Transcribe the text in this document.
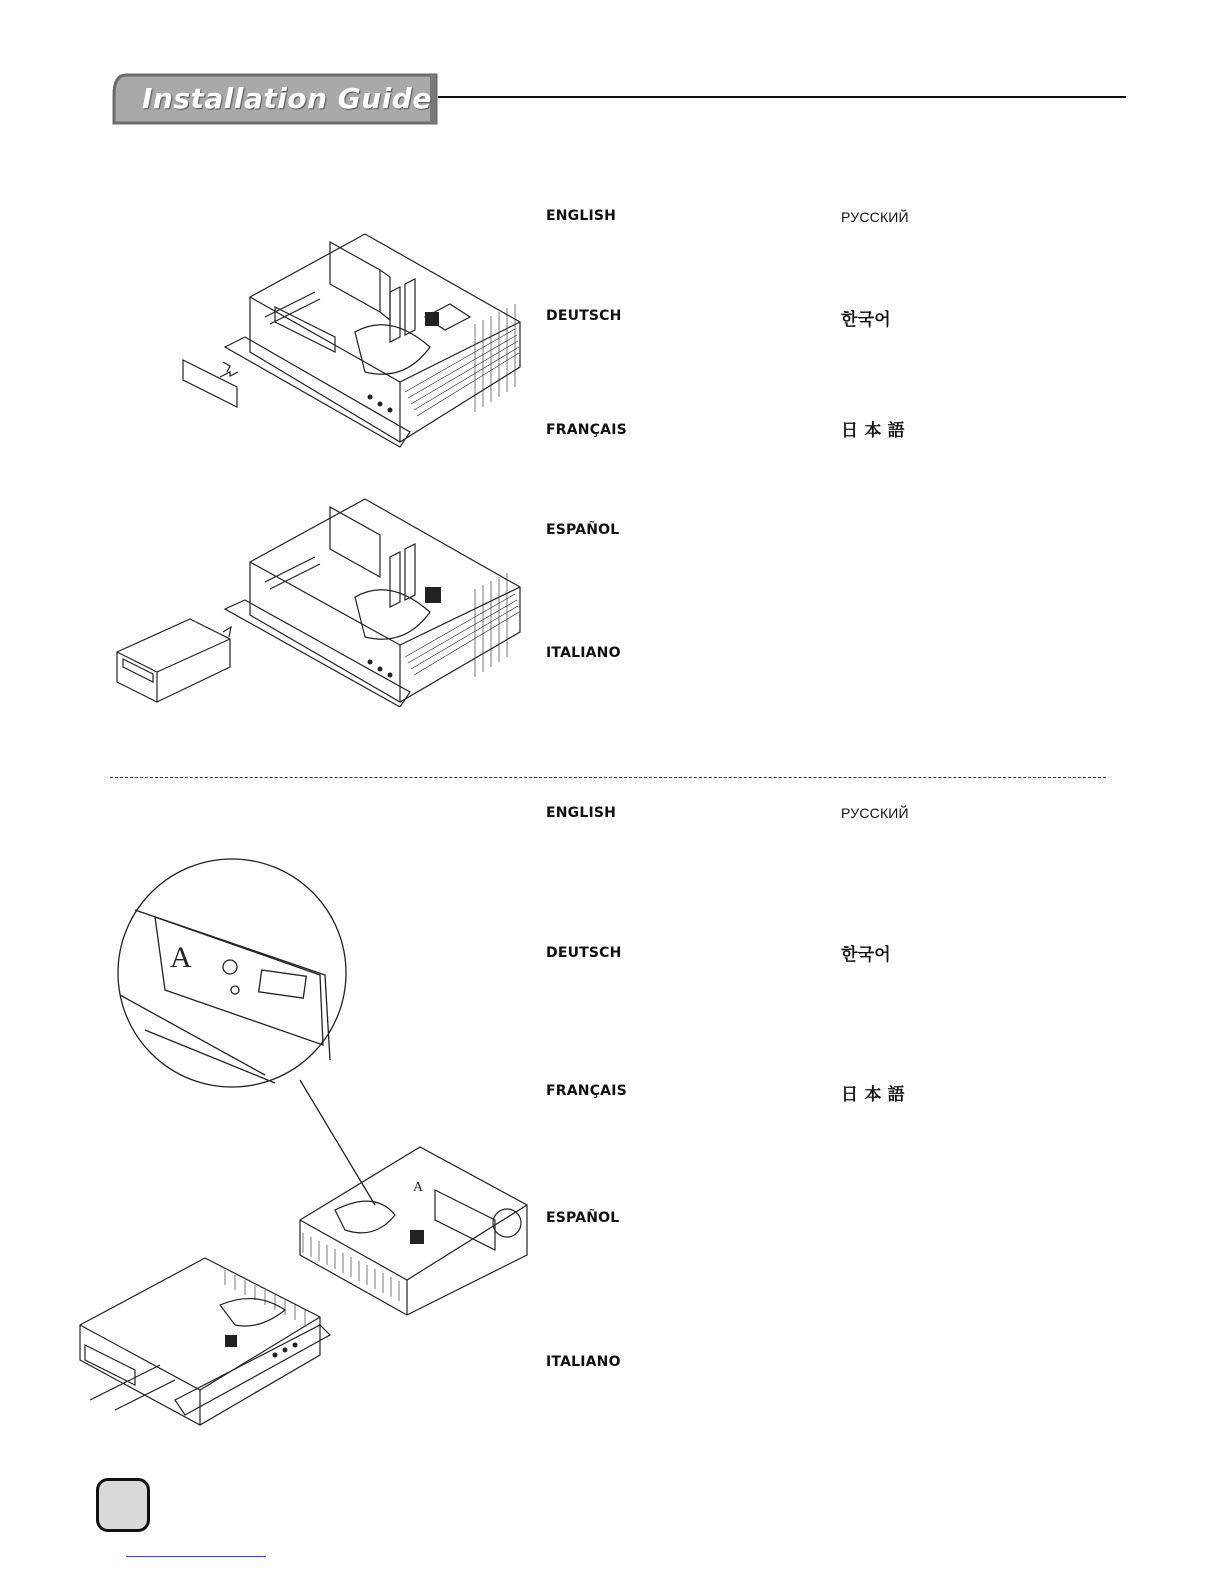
Installation Guide
ENGLISH
DEUTSCH
FRANÇAIS
ESPAÑOL
ITALIANO
РУССКИЙ
한국어
日 本 語
A
A
ENGLISH
DEUTSCH
FRANÇAIS
ESPAÑOL
ITALIANO
РУССКИЙ
한국어
日 本 語
